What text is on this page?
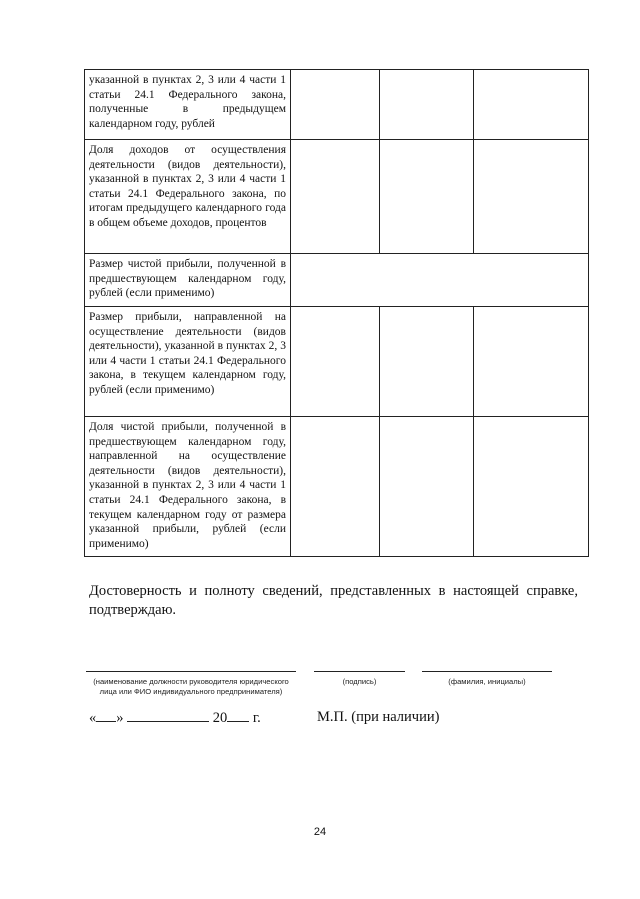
указанной в пунктах 2, 3 или 4 части 1 статьи 24.1 Федерального закона, полученные в предыдущем календарном году, рублей			
Доля доходов от осуществления деятельности (видов деятельности), указанной в пунктах 2, 3 или 4 части 1 статьи 24.1 Федерального закона, по итогам предыдущего календарного года в общем объеме доходов, процентов			
Размер чистой прибыли, полученной в предшествующем календарном году, рублей (если применимо)			
Размер прибыли, направленной на осуществление деятельности (видов деятельности), указанной в пунктах 2, 3 или 4 части 1 статьи 24.1 Федерального закона, в текущем календарном году, рублей (если применимо)			
Доля чистой прибыли, полученной в предшествующем календарном году, направленной на осуществление деятельности (видов деятельности), указанной в пунктах 2, 3 или 4 части 1 статьи 24.1 Федерального закона, в текущем календарном году от размера указанной прибыли, рублей (если применимо)			
Достоверность и полноту сведений, представленных в настоящей справке, подтверждаю.
(наименование должности руководителя юридического лица или ФИО индивидуального предпринимателя)
(подпись)	(фамилия, инициалы)
« »	20 г.	М.П. (при наличии)
24
